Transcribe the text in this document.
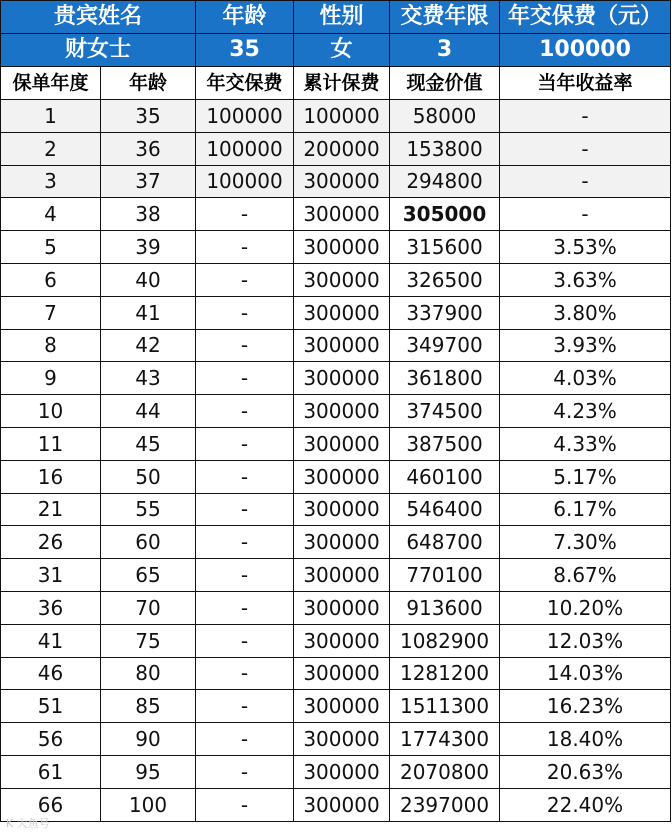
贵宾姓名		年龄	性别	交费年限	年交保费（元）
财女士		35	女	3	100000
保单年度	年龄	年交保费	累计保费	现金价值	当年收益率
1	35	100000	100000	58000	-
2	36	100000	200000	153800	-
3	37	100000	300000	294800	-
4	38	-	300000	305000	-
5	39	-	300000	315600	3.53%
6	40	-	300000	326500	3.63%
7	41	-	300000	337900	3.80%
8	42	-	300000	349700	3.93%
9	43	-	300000	361800	4.03%
10	44	-	300000	374500	4.23%
11	45	-	300000	387500	4.33%
16	50	-	300000	460100	5.17%
21	55	-	300000	546400	6.17%
26	60	-	300000	648700	7.30%
31	65	-	300000	770100	8.67%
36	70	-	300000	913600	10.20%
41	75	-	300000	1082900	12.03%
46	80	-	300000	1281200	14.03%
51	85	-	300000	1511300	16.23%
56	90	-	300000	1774300	18.40%
61	95	-	300000	2070800	20.63%
66	100	-	300000	2397000	22.40%
K 大鱼号
